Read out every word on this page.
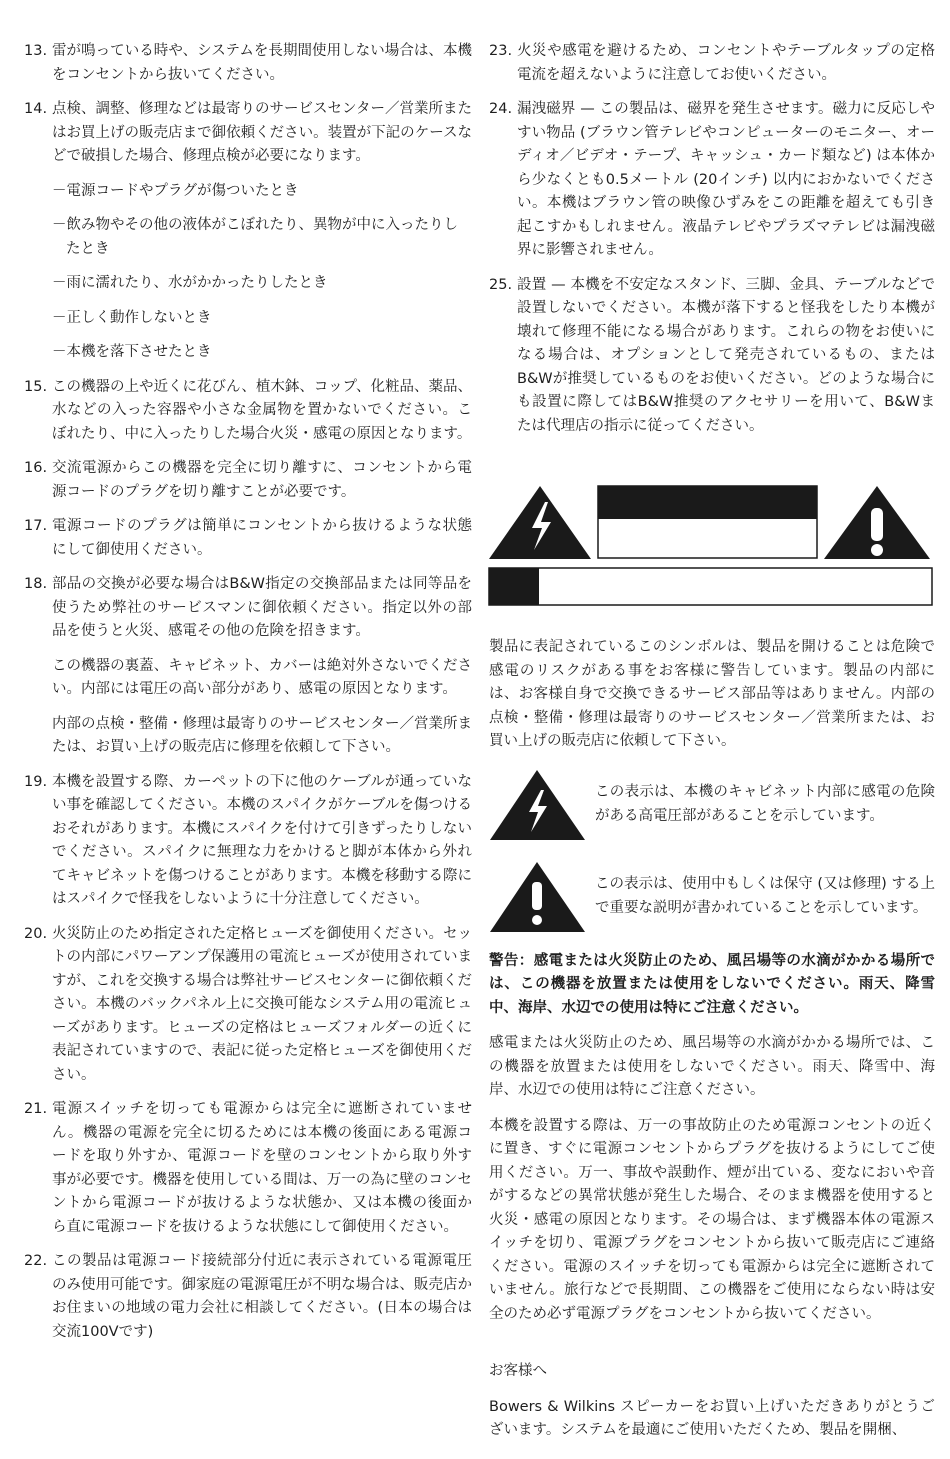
13. 雷が鳴っている時や、システムを長期間使用しない場合は、本機をコンセントから抜いてください。
14. 点検、調整、修理などは最寄りのサービスセンター／営業所またはお買上げの販売店まで御依頼ください。装置が下記のケースなどで破損した場合、修理点検が必要になります。
－電源コードやプラグが傷ついたとき
－飲み物やその他の液体がこぼれたり、異物が中に入ったりしたとき
－雨に濡れたり、水がかかったりしたとき
－正しく動作しないとき
－本機を落下させたとき
15. この機器の上や近くに花びん、植木鉢、コップ、化粧品、薬品、水などの入った容器や小さな金属物を置かないでください。こぼれたり、中に入ったりした場合火災・感電の原因となります。
16. 交流電源からこの機器を完全に切り離すに、コンセントから電源コードのプラグを切り離すことが必要です。
17. 電源コードのプラグは簡単にコンセントから抜けるような状態にして御使用ください。
18. 部品の交換が必要な場合はB&W指定の交換部品または同等品を使うため弊社のサービスマンに御依頼ください。指定以外の部品を使うと火災、感電その他の危険を招きます。
この機器の裏蓋、キャビネット、カバーは絶対外さないでください。内部には電圧の高い部分があり、感電の原因となります。
内部の点検・整備・修理は最寄りのサービスセンター／営業所または、お買い上げの販売店に修理を依頼して下さい。
19. 本機を設置する際、カーペットの下に他のケーブルが通っていない事を確認してください。本機のスパイクがケーブルを傷つけるおそれがあります。本機にスパイクを付けて引きずったりしないでください。スパイクに無理な力をかけると脚が本体から外れてキャビネットを傷つけることがあります。本機を移動する際にはスパイクで怪我をしないように十分注意してください。
20. 火災防止のため指定された定格ヒューズを御使用ください。セットの内部にパワーアンプ保護用の電流ヒューズが使用されていますが、これを交換する場合は弊社サービスセンターに御依頼ください。本機のバックパネル上に交換可能なシステム用の電流ヒューズがあります。ヒューズの定格はヒューズフォルダーの近くに表記されていますので、表記に従った定格ヒューズを御使用ください。
21. 電源スイッチを切っても電源からは完全に遮断されていません。機器の電源を完全に切るためには本機の後面にある電源コードを取り外すか、電源コードを壁のコンセントから取り外す事が必要です。機器を使用している間は、万一の為に壁のコンセントから電源コードが抜けるような状態か、又は本機の後面から直に電源コードを抜けるような状態にして御使用ください。
22. この製品は電源コード接続部分付近に表示されている電源電圧のみ使用可能です。御家庭の電源電圧が不明な場合は、販売店かお住まいの地域の電力会社に相談してください。(日本の場合は交流100Vです)
23. 火災や感電を避けるため、コンセントやテーブルタップの定格電流を超えないように注意してお使いください。
24. 漏洩磁界 — この製品は、磁界を発生させます。磁力に反応しやすい物品 (ブラウン管テレビやコンピューターのモニター、オーディオ／ビデオ・テープ、キャッシュ・カード類など) は本体から少なくとも0.5メートル (20インチ) 以内におかないでください。本機はブラウン管の映像ひずみをこの距離を超えても引き起こすかもしれません。液晶テレビやプラズマテレビは漏洩磁界に影響されません。
25. 設置 — 本機を不安定なスタンド、三脚、金具、テーブルなどで設置しないでください。本機が落下すると怪我をしたり本機が壊れて修理不能になる場合があります。これらの物をお使いになる場合は、オプションとして発売されているもの、またはB&Wが推奨しているものをお使いください。どのような場合にも設置に際してはB&W推奨のアクセサリーを用いて、B&Wまたは代理店の指示に従ってください。
製品に表記されているこのシンボルは、製品を開けることは危険で感電のリスクがある事をお客様に警告しています。製品の内部には、お客様自身で交換できるサービス部品等はありません。内部の点検・整備・修理は最寄りのサービスセンター／営業所または、お買い上げの販売店に依頼して下さい。
この表示は、本機のキャビネット内部に感電の危険がある高電圧部があることを示しています。
この表示は、使用中もしくは保守 (又は修理) する上で重要な説明が書かれていることを示しています。
警告：感電または火災防止のため、風呂場等の水滴がかかる場所では、この機器を放置または使用をしないでください。雨天、降雪中、海岸、水辺での使用は特にご注意ください。
感電または火災防止のため、風呂場等の水滴がかかる場所では、この機器を放置または使用をしないでください。雨天、降雪中、海岸、水辺での使用は特にご注意ください。
本機を設置する際は、万一の事故防止のため電源コンセントの近くに置き、すぐに電源コンセントからプラグを抜けるようにしてご使用ください。万一、事故や誤動作、煙が出ている、変なにおいや音がするなどの異常状態が発生した場合、そのまま機器を使用すると火災・感電の原因となります。その場合は、まず機器本体の電源スイッチを切り、電源プラグをコンセントから抜いて販売店にご連絡ください。電源のスイッチを切っても電源からは完全に遮断されていません。旅行などで長期間、この機器をご使用にならない時は安全のため必ず電源プラグをコンセントから抜いてください。
お客様へ
Bowers & Wilkins スピーカーをお買い上げいただきありがとうございます。システムを最適にご使用いただくため、製品を開梱、
